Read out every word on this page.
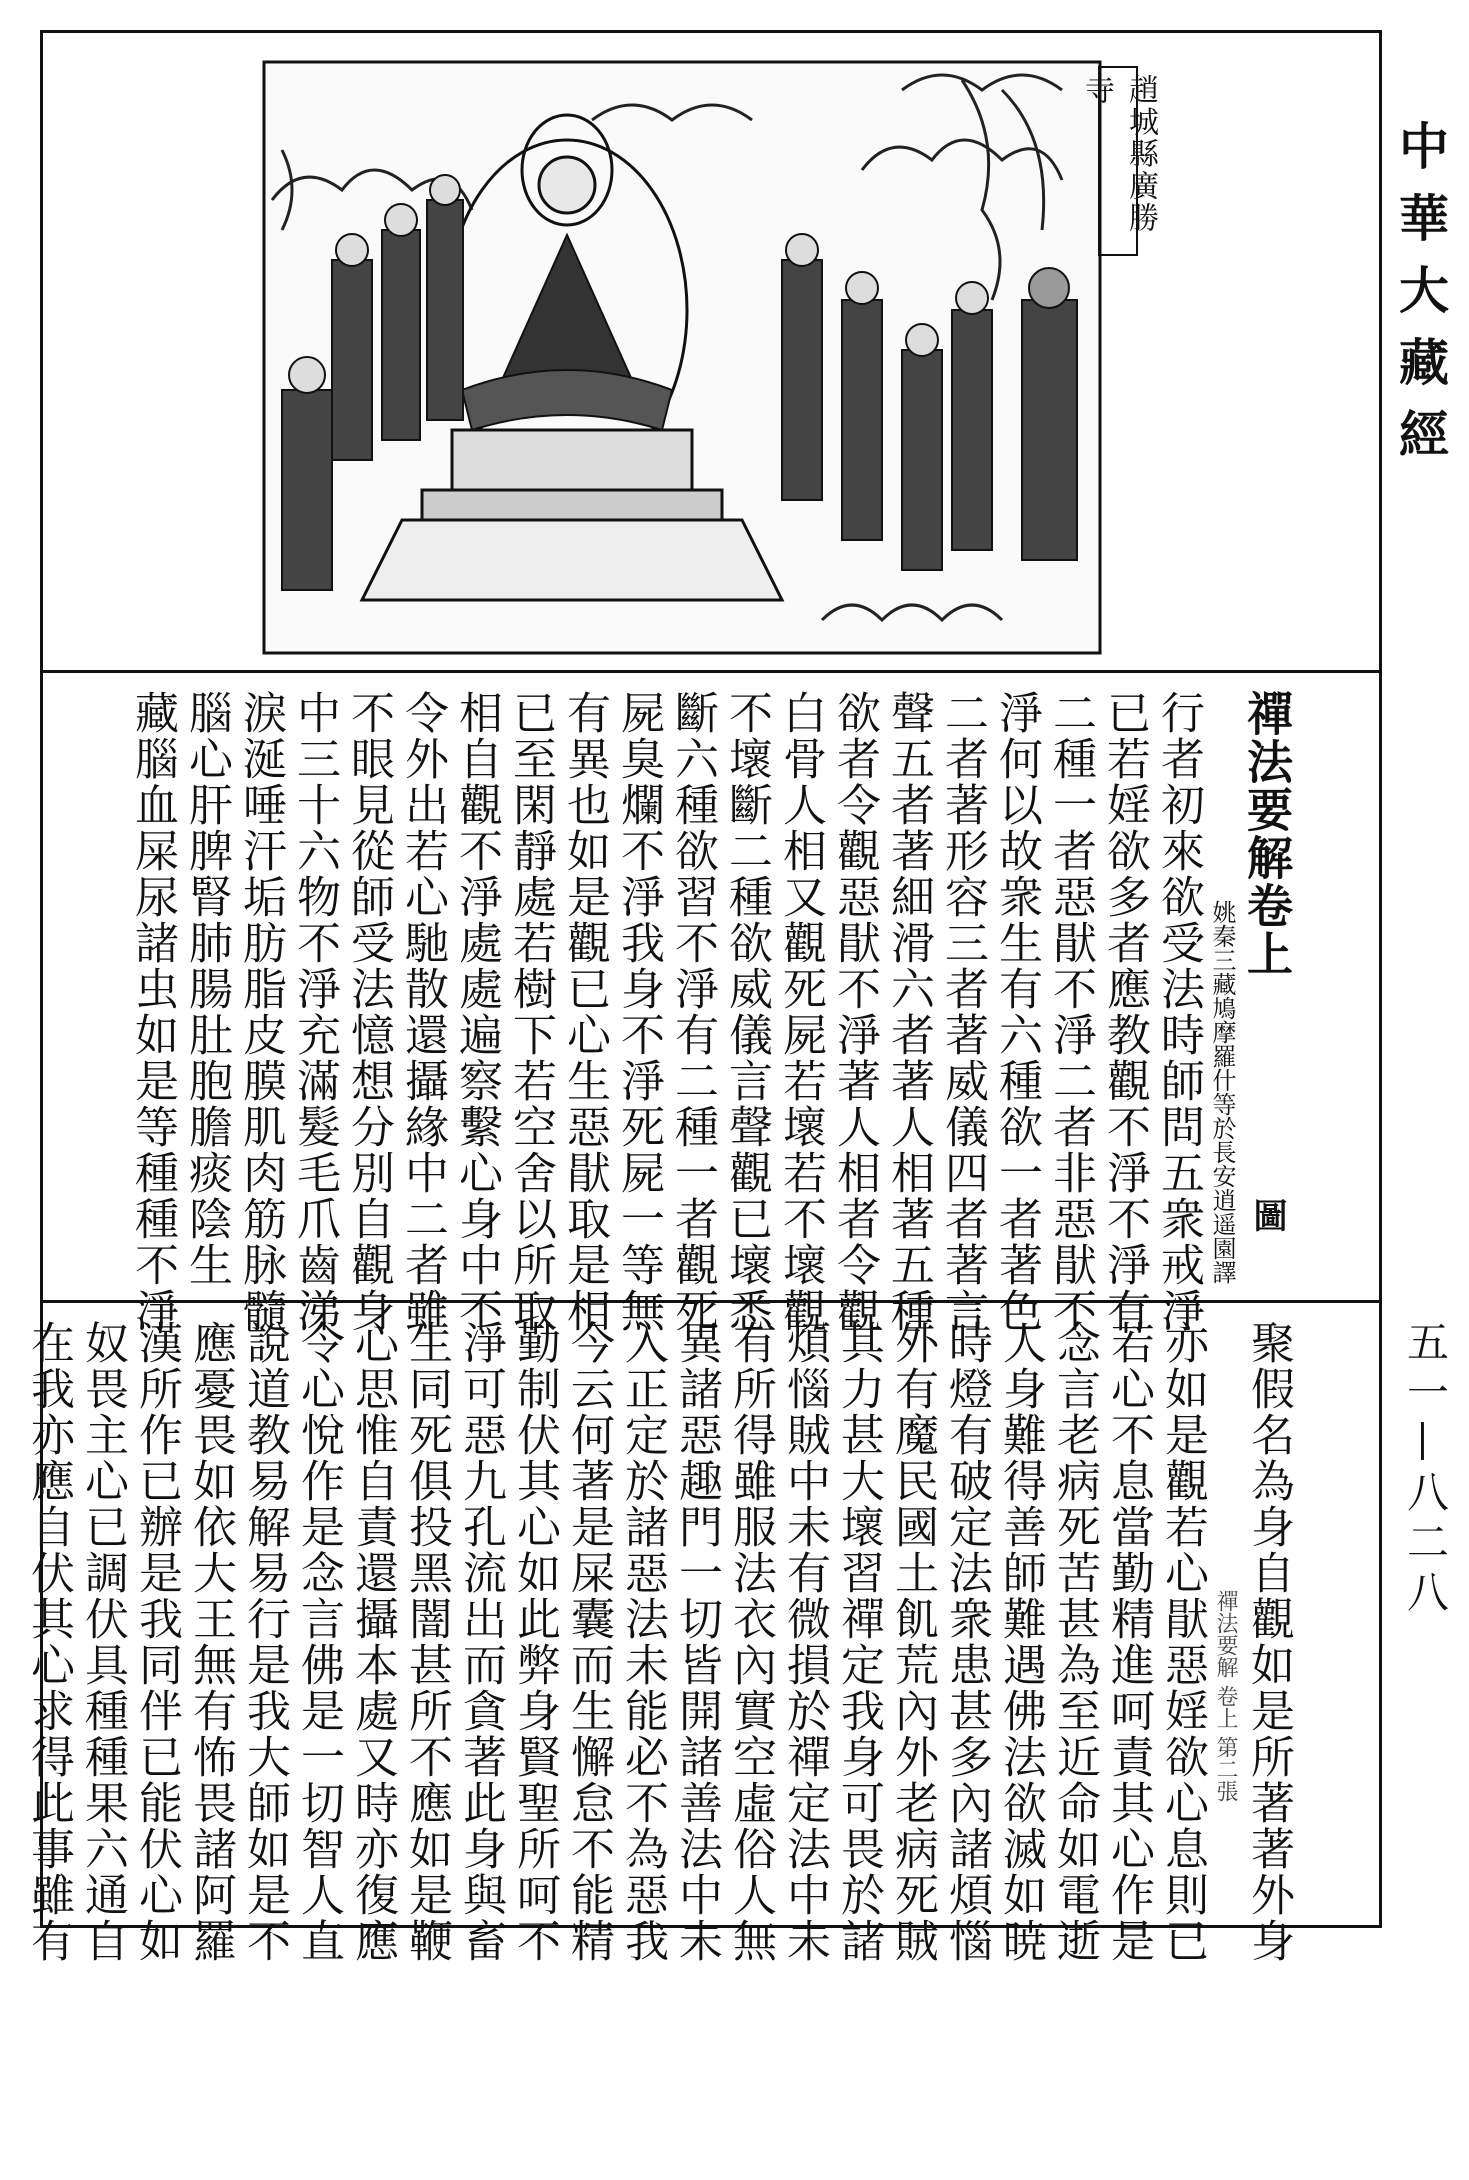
中華大藏經
五一—八二八
趙城縣廣勝
禪法要解卷上圖
姚秦三藏鳩摩羅什等於長安逍遥園譯
行者初來欲受法時師問五衆戒淨
已若婬欲多者應教觀不淨不淨有
二種一者惡猒不淨二者非惡猒不
淨何以故衆生有六種欲一者著色
二者著形容三者著威儀四者著言
聲五者著細滑六者著人相著五種
欲者令觀惡猒不淨著人相者令觀
白骨人相又觀死屍若壞若不壞觀
不壞斷二種欲威儀言聲觀已壞悉
斷六種欲習不淨有二種一者觀死
屍臭爛不淨我身不淨死屍一等無
有異也如是觀已心生惡猒取是相
已至閑靜處若樹下若空舍以所取
相自觀不淨處處遍察繫心身中不
令外出若心馳散還攝緣中二者雖
不眼見從師受法憶想分別自觀身
中三十六物不淨充滿髮毛爪齒涕
淚涎唾汗垢肪脂皮膜肌肉筋脉髓
腦心肝脾腎肺腸肚胞膽痰陰生
藏腦血屎尿諸虫如是等種種不淨
聚假名為身自觀如是所著著外身
禪法要解 卷上 第二張
亦如是觀若心猒惡婬欲心息則已
若心不息當勤精進呵責其心作是
念言老病死苦甚為至近命如電逝
人身難得善師難遇佛法欲滅如暁
時燈有破定法衆患甚多內諸煩惱
外有魔民國土飢荒內外老病死賊
其力甚大壞習禪定我身可畏於諸
煩惱賊中未有微損於禪定法中未
有所得雖服法衣內實空虛俗人無
異諸惡趣門一切皆開諸善法中未
入正定於諸惡法未能必不為惡我
今云何著是屎囊而生懈怠不能精
勤制伏其心如此弊身賢聖所呵不
淨可惡九孔流出而貪著此身與畜
生同死俱投黑闇甚所不應如是鞭
心思惟自責還攝本處又時亦復應
令心悅作是念言佛是一切智人直
說道教易解易行是我大師如是不
應憂畏如依大王無有怖畏諸阿羅
漢所作已辦是我同伴已能伏心如
奴畏主心已調伏具種種果六通自
在我亦應自伏其心求得此事雖有
